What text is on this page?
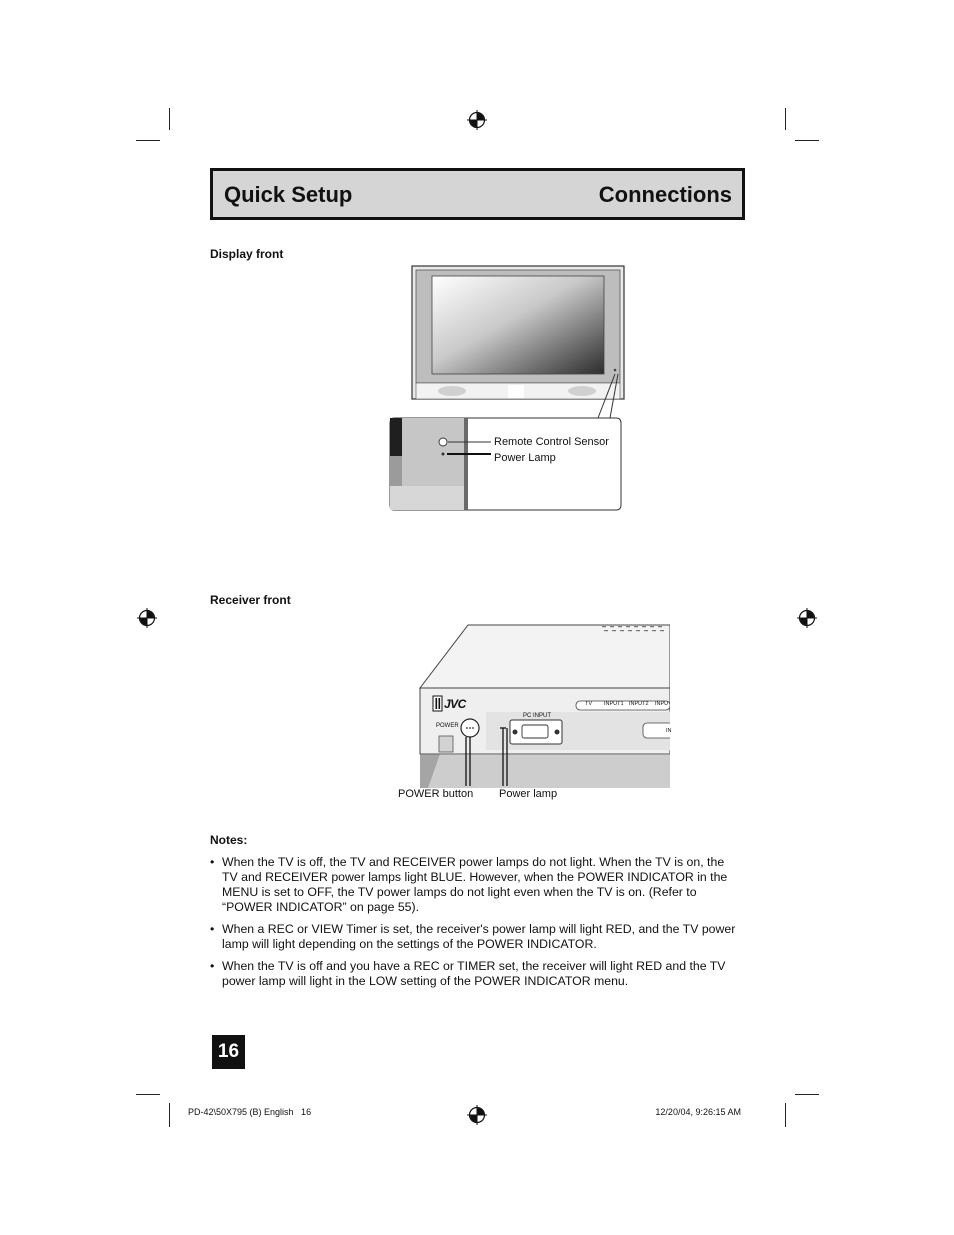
Quick Setup	Connections
Display front
Remote Control Sensor
Power Lamp
Receiver front
JVC
POWER
PC INPUT
TV INPUT1 INPUT2 INPU
IN
POWER button Power lamp
Notes:
• When the TV is off, the TV and RECEIVER power lamps do not light. When the TV is on, the TV and RECEIVER power lamps light BLUE. However, when the POWER INDICATOR in the MENU is set to OFF, the TV power lamps do not light even when the TV is on. (Refer to “POWER INDICATOR” on page 55).
• When a REC or VIEW Timer is set, the receiver's power lamp will light RED, and the TV power lamp will light depending on the settings of the POWER INDICATOR.
• When the TV is off and you have a REC or TIMER set, the receiver will light RED and the TV power lamp will light in the LOW setting of the POWER INDICATOR menu.
16
PD-42\50X795 (B) English   16	12/20/04, 9:26:15 AM
